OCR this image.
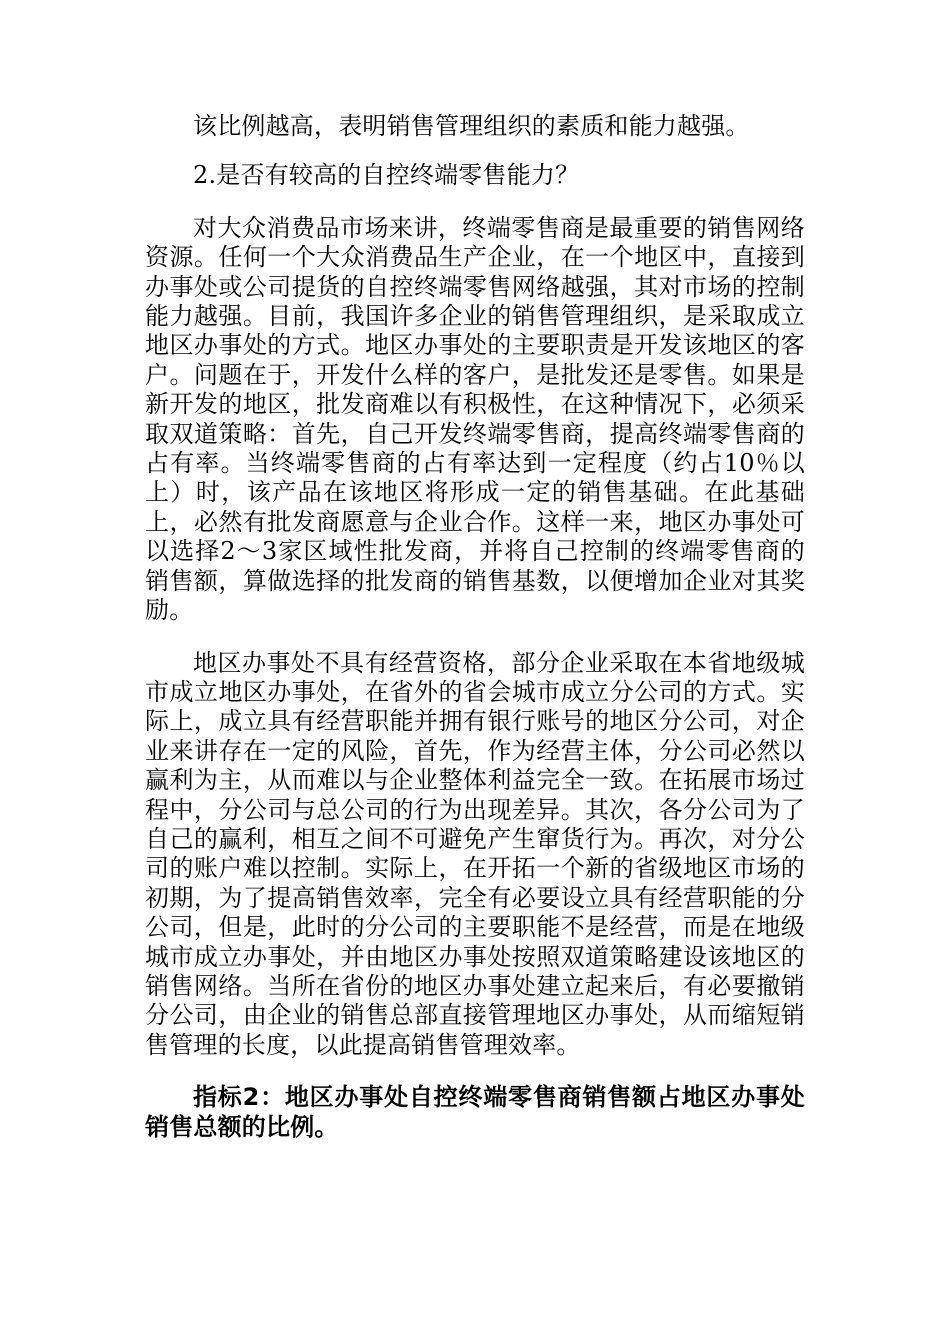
该比例越高，表明销售管理组织的素质和能力越强。

2.是否有较高的自控终端零售能力？

对大众消费品市场来讲，终端零售商是最重要的销售网络资源。任何一个大众消费品生产企业，在一个地区中，直接到办事处或公司提货的自控终端零售网络越强，其对市场的控制能力越强。目前，我国许多企业的销售管理组织，是采取成立地区办事处的方式。地区办事处的主要职责是开发该地区的客户。问题在于，开发什么样的客户，是批发还是零售。如果是新开发的地区，批发商难以有积极性，在这种情况下，必须采取双道策略：首先，自己开发终端零售商，提高终端零售商的占有率。当终端零售商的占有率达到一定程度（约占10％以上）时，该产品在该地区将形成一定的销售基础。在此基础上，必然有批发商愿意与企业合作。这样一来，地区办事处可以选择2～3家区域性批发商，并将自己控制的终端零售商的销售额，算做选择的批发商的销售基数，以便增加企业对其奖励。

地区办事处不具有经营资格，部分企业采取在本省地级城市成立地区办事处，在省外的省会城市成立分公司的方式。实际上，成立具有经营职能并拥有银行账号的地区分公司，对企业来讲存在一定的风险，首先，作为经营主体，分公司必然以赢利为主，从而难以与企业整体利益完全一致。在拓展市场过程中，分公司与总公司的行为出现差异。其次，各分公司为了自己的赢利，相互之间不可避免产生窜货行为。再次，对分公司的账户难以控制。实际上，在开拓一个新的省级地区市场的初期，为了提高销售效率，完全有必要设立具有经营职能的分公司，但是，此时的分公司的主要职能不是经营，而是在地级城市成立办事处，并由地区办事处按照双道策略建设该地区的销售网络。当所在省份的地区办事处建立起来后，有必要撤销分公司，由企业的销售总部直接管理地区办事处，从而缩短销售管理的长度，以此提高销售管理效率。

指标2：地区办事处自控终端零售商销售额占地区办事处销售总额的比例。
